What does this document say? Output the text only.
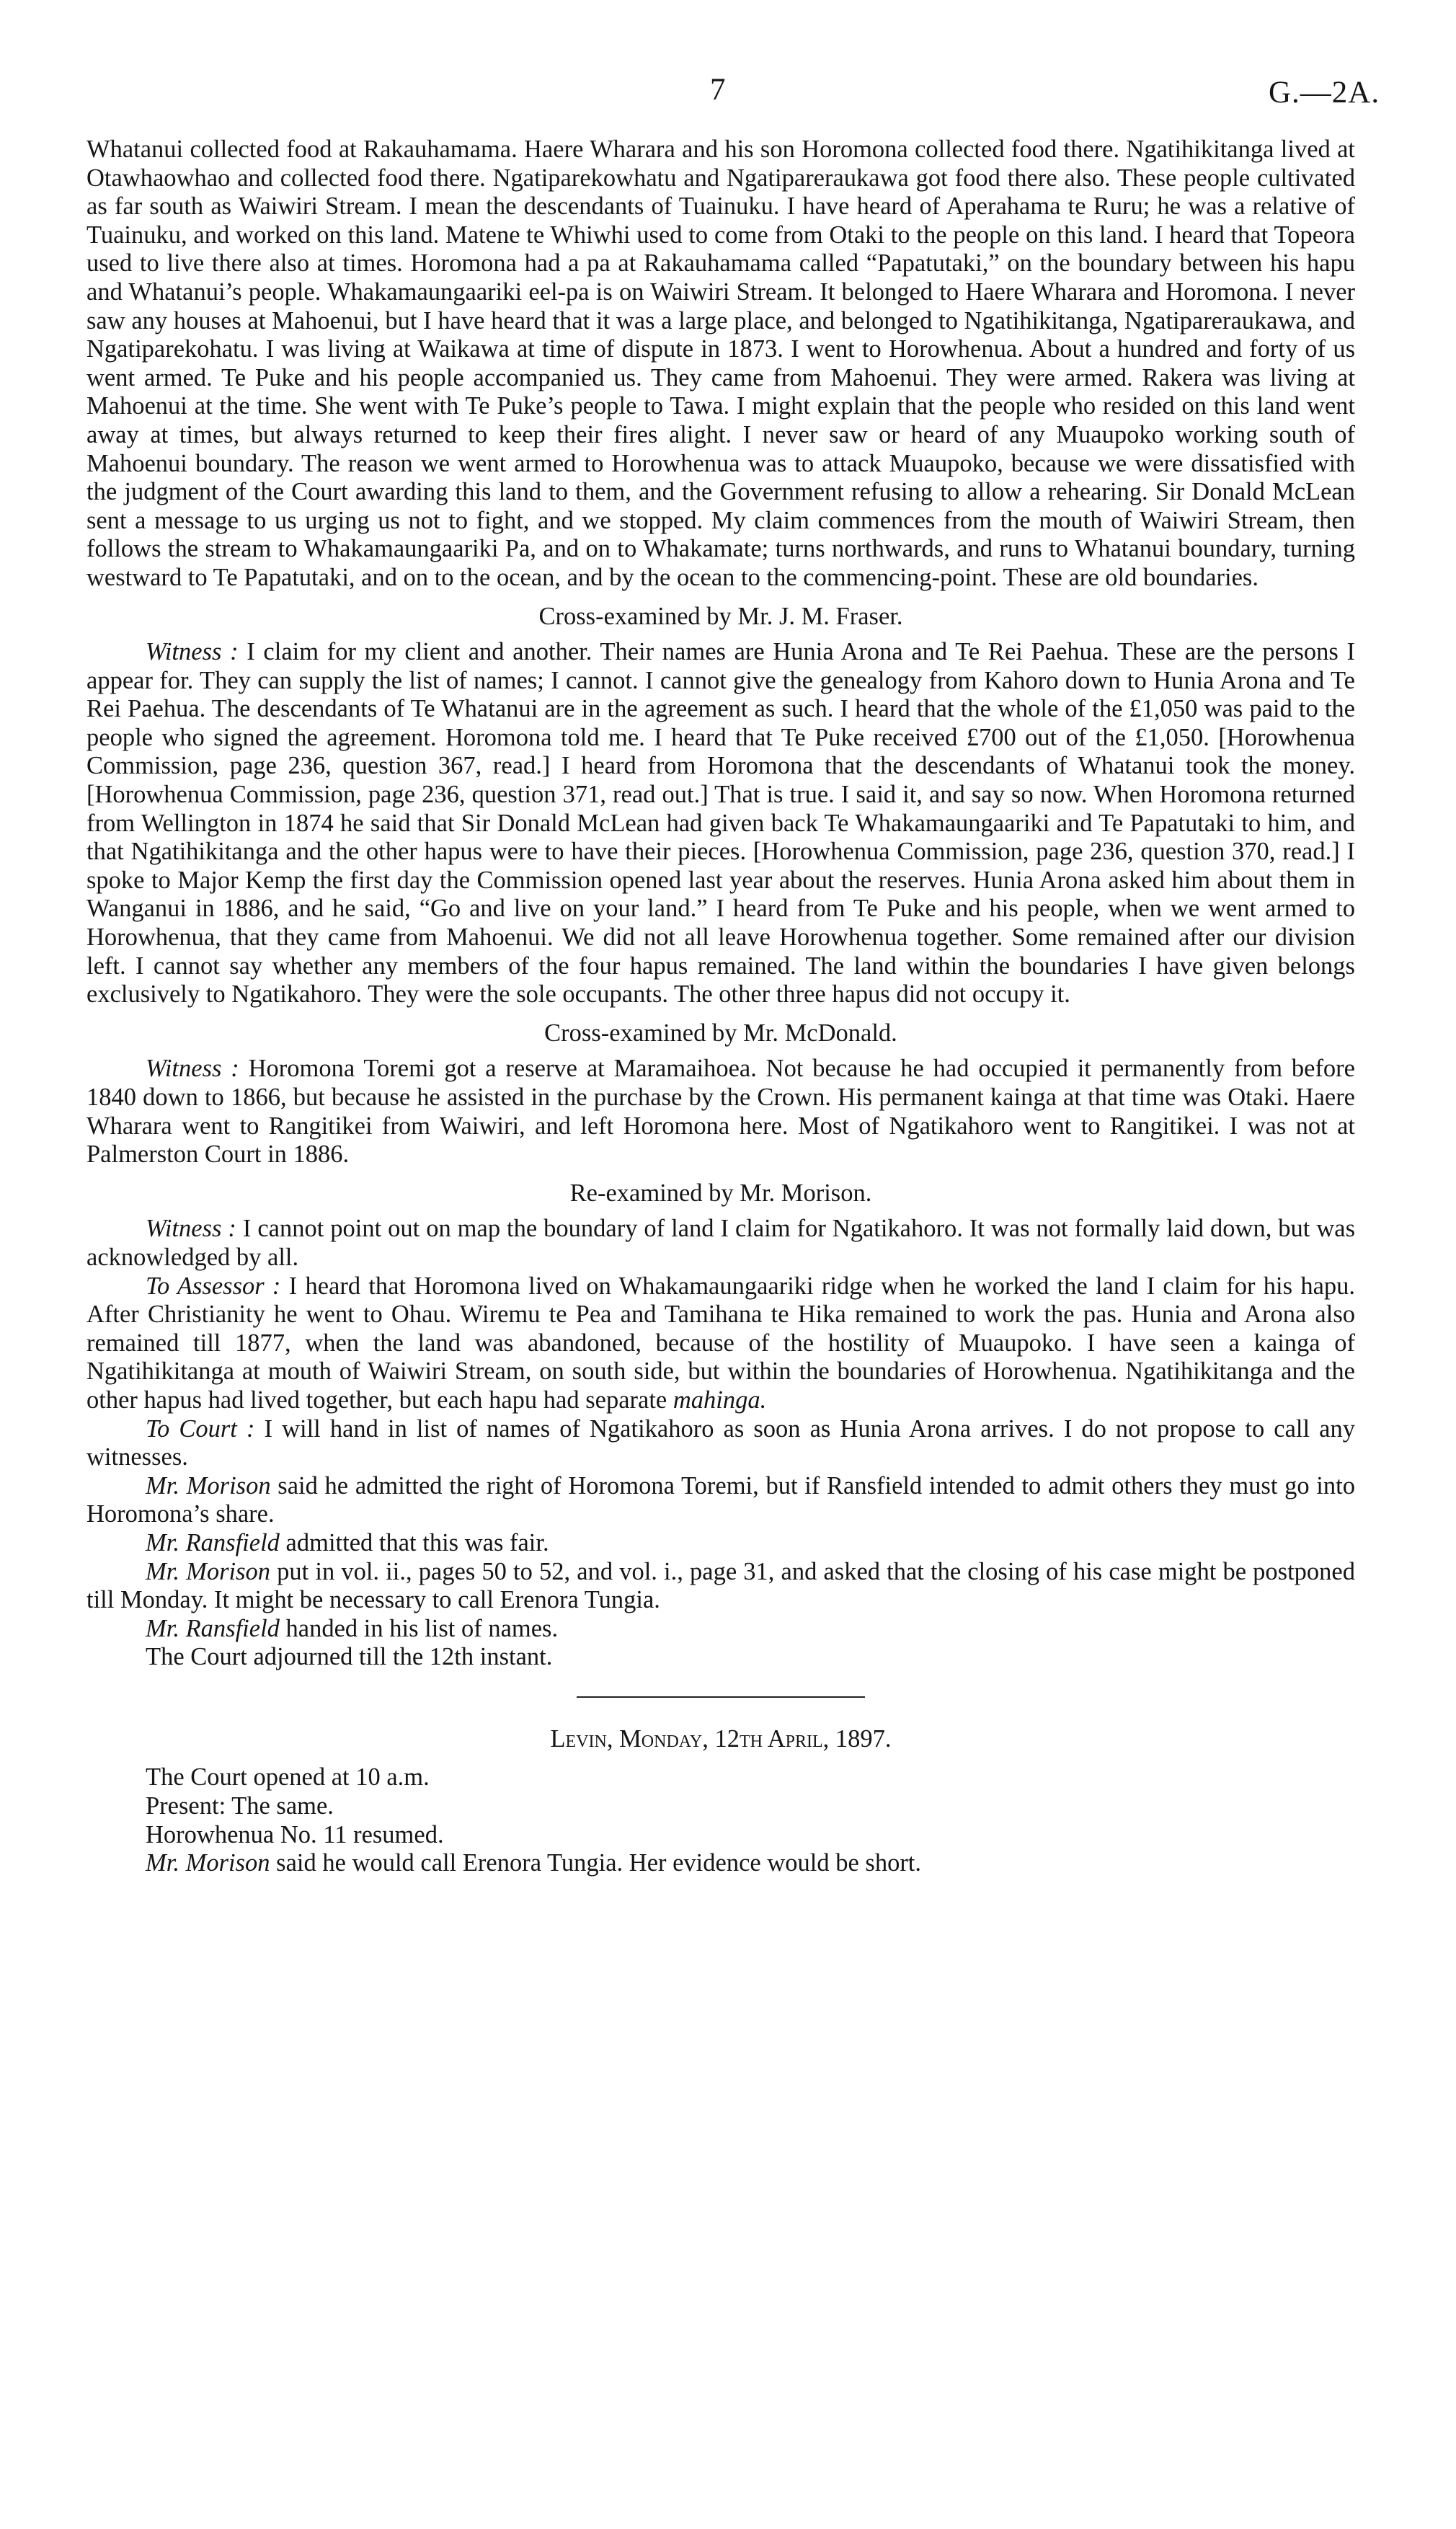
7	G.—2A.

Whatanui collected food at Rakauhamama. Haere Wharara and his son Horomona collected food there. Ngatihikitanga lived at Otawhaowhao and collected food there. Ngatiparekowhatu and Ngatipareraukawa got food there also. These people cultivated as far south as Waiwiri Stream. I mean the descendants of Tuainuku. I have heard of Aperahama te Ruru; he was a relative of Tuainuku, and worked on this land. Matene te Whiwhi used to come from Otaki to the people on this land. I heard that Topeora used to live there also at times. Horomona had a pa at Rakauhamama called “Papatutaki,” on the boundary between his hapu and Whatanui’s people. Whakamaungaariki eel-pa is on Waiwiri Stream. It belonged to Haere Wharara and Horomona. I never saw any houses at Mahoenui, but I have heard that it was a large place, and belonged to Ngatihikitanga, Ngatipareraukawa, and Ngatiparekohatu. I was living at Waikawa at time of dispute in 1873. I went to Horowhenua. About a hundred and forty of us went armed. Te Puke and his people accompanied us. They came from Mahoenui. They were armed. Rakera was living at Mahoenui at the time. She went with Te Puke’s people to Tawa. I might explain that the people who resided on this land went away at times, but always returned to keep their fires alight. I never saw or heard of any Muaupoko working south of Mahoenui boundary. The reason we went armed to Horowhenua was to attack Muaupoko, because we were dissatisfied with the judgment of the Court awarding this land to them, and the Government refusing to allow a rehearing. Sir Donald McLean sent a message to us urging us not to fight, and we stopped. My claim commences from the mouth of Waiwiri Stream, then follows the stream to Whakamaungaariki Pa, and on to Whakamate; turns northwards, and runs to Whatanui boundary, turning westward to Te Papatutaki, and on to the ocean, and by the ocean to the commencing-point. These are old boundaries.

Cross-examined by Mr. J. M. Fraser.

Witness : I claim for my client and another. Their names are Hunia Arona and Te Rei Paehua. These are the persons I appear for. They can supply the list of names; I cannot. I cannot give the genealogy from Kahoro down to Hunia Arona and Te Rei Paehua. The descendants of Te Whatanui are in the agreement as such. I heard that the whole of the £1,050 was paid to the people who signed the agreement. Horomona told me. I heard that Te Puke received £700 out of the £1,050. [Horowhenua Commission, page 236, question 367, read.] I heard from Horomona that the descendants of Whatanui took the money. [Horowhenua Commission, page 236, question 371, read out.] That is true. I said it, and say so now. When Horomona returned from Wellington in 1874 he said that Sir Donald McLean had given back Te Whakamaungaariki and Te Papatutaki to him, and that Ngatihikitanga and the other hapus were to have their pieces. [Horowhenua Commission, page 236, question 370, read.] I spoke to Major Kemp the first day the Commission opened last year about the reserves. Hunia Arona asked him about them in Wanganui in 1886, and he said, “Go and live on your land.” I heard from Te Puke and his people, when we went armed to Horowhenua, that they came from Mahoenui. We did not all leave Horowhenua together. Some remained after our division left. I cannot say whether any members of the four hapus remained. The land within the boundaries I have given belongs exclusively to Ngatikahoro. They were the sole occupants. The other three hapus did not occupy it.

Cross-examined by Mr. McDonald.

Witness : Horomona Toremi got a reserve at Maramaihoea. Not because he had occupied it permanently from before 1840 down to 1866, but because he assisted in the purchase by the Crown. His permanent kainga at that time was Otaki. Haere Wharara went to Rangitikei from Waiwiri, and left Horomona here. Most of Ngatikahoro went to Rangitikei. I was not at Palmerston Court in 1886.

Re-examined by Mr. Morison.

Witness : I cannot point out on map the boundary of land I claim for Ngatikahoro. It was not formally laid down, but was acknowledged by all.

To Assessor : I heard that Horomona lived on Whakamaungaariki ridge when he worked the land I claim for his hapu. After Christianity he went to Ohau. Wiremu te Pea and Tamihana te Hika remained to work the pas. Hunia and Arona also remained till 1877, when the land was abandoned, because of the hostility of Muaupoko. I have seen a kainga of Ngatihikitanga at mouth of Waiwiri Stream, on south side, but within the boundaries of Horowhenua. Ngatihikitanga and the other hapus had lived together, but each hapu had separate mahinga.

To Court : I will hand in list of names of Ngatikahoro as soon as Hunia Arona arrives. I do not propose to call any witnesses.

Mr. Morison said he admitted the right of Horomona Toremi, but if Ransfield intended to admit others they must go into Horomona’s share.

Mr. Ransfield admitted that this was fair.

Mr. Morison put in vol. ii., pages 50 to 52, and vol. i., page 31, and asked that the closing of his case might be postponed till Monday. It might be necessary to call Erenora Tungia.

Mr. Ransfield handed in his list of names.

The Court adjourned till the 12th instant.

Levin, Monday, 12th April, 1897.

The Court opened at 10 a.m.

Present: The same.

Horowhenua No. 11 resumed.

Mr. Morison said he would call Erenora Tungia. Her evidence would be short.
